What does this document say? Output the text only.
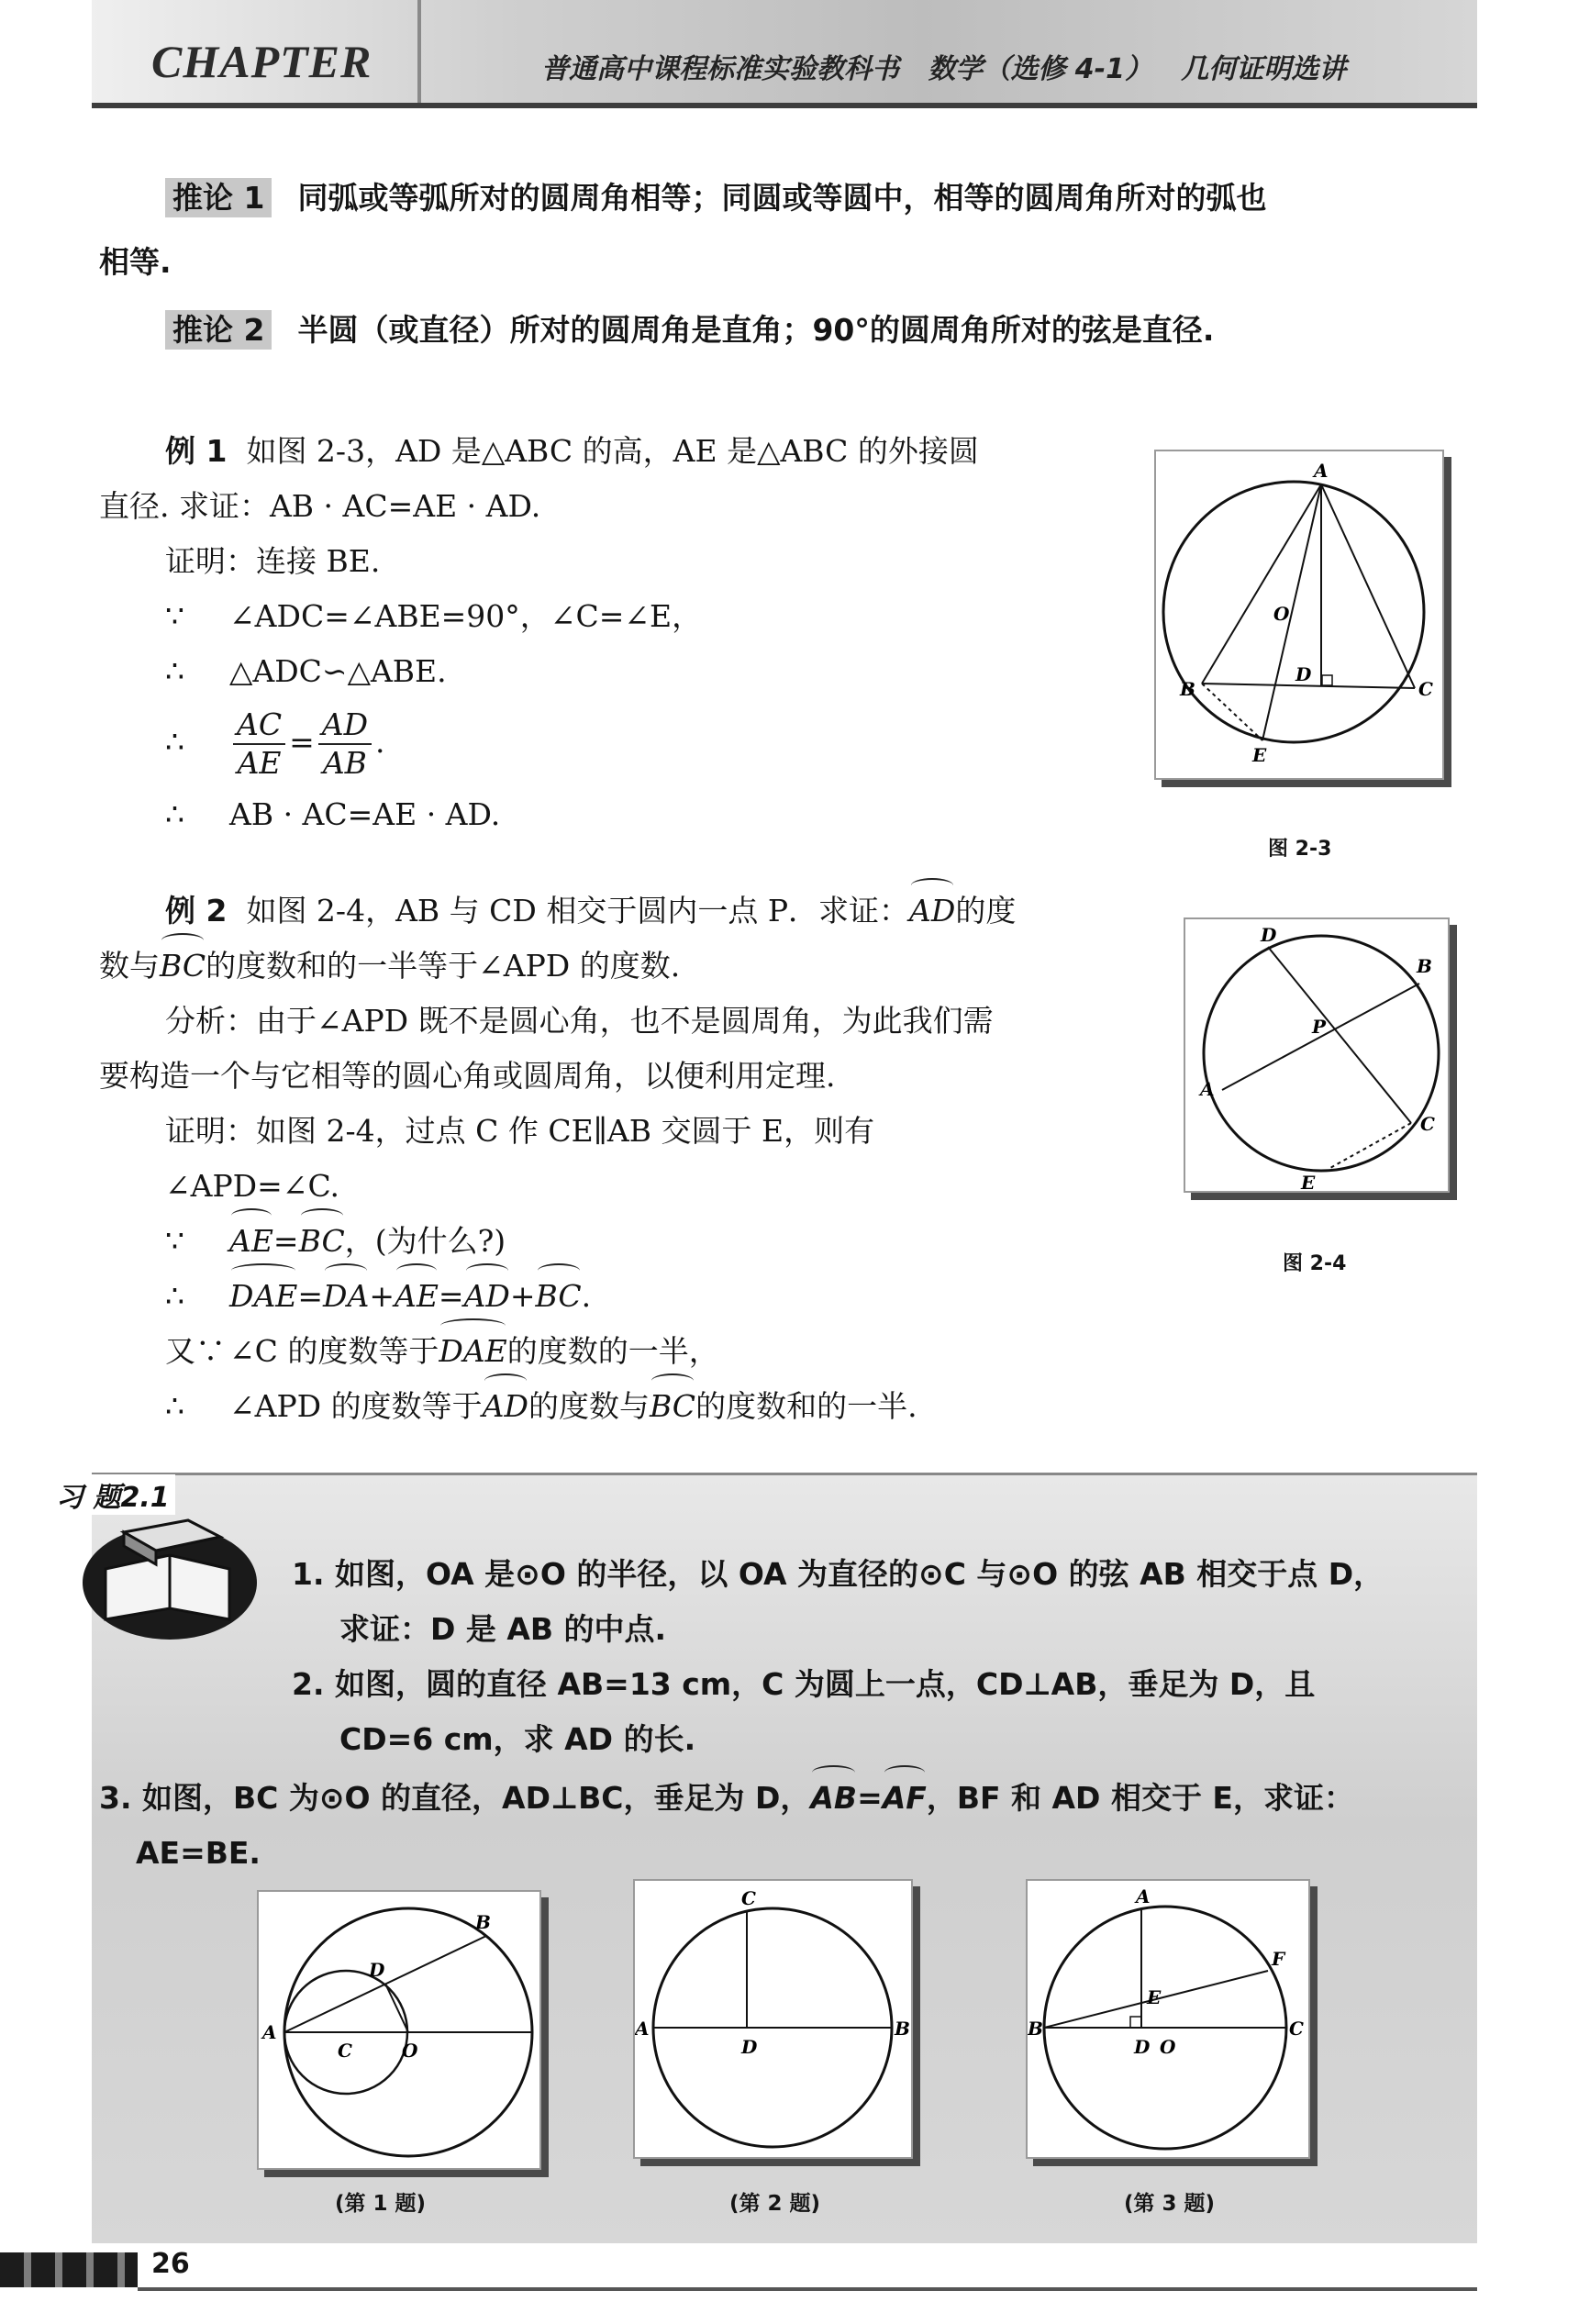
CHAPTER	普通高中课程标准实验教科书   数学（选修 4-1）   几何证明选讲
推论 1 同弧或等弧所对的圆周角相等；同圆或等圆中，相等的圆周角所对的弧也
相等.
推论 2 半圆（或直径）所对的圆周角是直角；90°的圆周角所对的弦是直径.
例 1 如图 2-3，AD 是△ABC 的高，AE 是△ABC 的外接圆
直径. 求证：AB · AC=AE · AD.
证明：连接 BE.
∵ ∠ADC=∠ABE=90°，∠C=∠E，
∴ △ADC∽△ABE.
∴ $\frac{AC}{AE} = \frac{AD}{AB}$ .
∴ AB · AC=AE · AD.
A
B	C
D
E
O
图 2-3
例 2 如图 2-4，AB 与 CD 相交于圆内一点 P．求证：AD的度
数与BC的度数和的一半等于∠APD 的度数.
分析：由于∠APD 既不是圆心角，也不是圆周角，为此我们需
要构造一个与它相等的圆心角或圆周角，以便利用定理.
证明：如图 2-4，过点 C 作 CE∥AB 交圆于 E，则有
∠APD=∠C.
∵ AE=BC，(为什么?)
∴ DAE=DA+AE=AD+BC.
又∵ ∠C 的度数等于DAE的度数的一半，
∴ ∠APD 的度数等于AD的度数与BC的度数和的一半.
D
B
P
A
C
E
图 2-4
习 题2.1
1. 如图，OA 是⊙O 的半径，以 OA 为直径的⊙C 与⊙O 的弦 AB 相交于点 D，
求证：D 是 AB 的中点.
2. 如图，圆的直径 AB=13 cm，C 为圆上一点，CD⊥AB，垂足为 D，且
CD=6 cm，求 AD 的长.
3. 如图，BC 为⊙O 的直径，AD⊥BC，垂足为 D，AB=AF，BF 和 AD 相交于 E，求证：
AE=BE.
A
B
D
C	O
(第 1 题)
C
A	B
D
(第 2 题)
A
B	C
D
E
F
O
(第 3 题)
26
